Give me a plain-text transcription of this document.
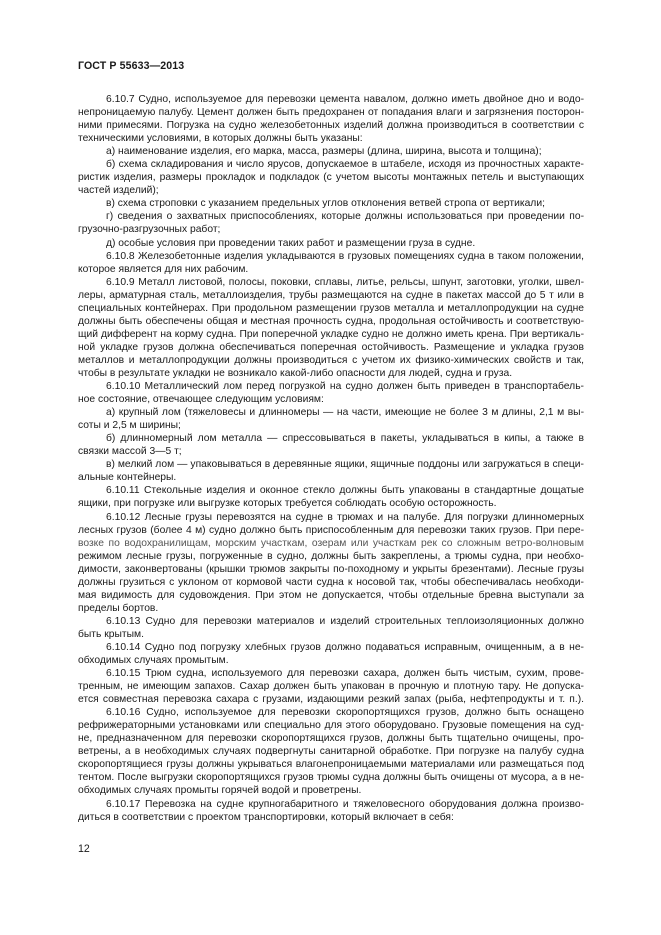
ГОСТ Р 55633—2013
6.10.7 Судно, используемое для перевозки цемента навалом, должно иметь двойное дно и водо-
непроницаемую палубу. Цемент должен быть предохранен от попадания влаги и загрязнения посторон-
ними примесями. Погрузка на судно железобетонных изделий должна производиться в соответствии с
техническими условиями, в которых должны быть указаны:
а) наименование изделия, его марка, масса, размеры (длина, ширина, высота и толщина);
б) схема складирования и число ярусов, допускаемое в штабеле, исходя из прочностных характе-
ристик изделия, размеры прокладок и подкладок (с учетом высоты монтажных петель и выступающих
частей изделий);
в) схема строповки с указанием предельных углов отклонения ветвей стропа от вертикали;
г) сведения о захватных приспособлениях, которые должны использоваться при проведении по-
грузочно-разгрузочных работ;
д) особые условия при проведении таких работ и размещении груза в судне.
6.10.8 Железобетонные изделия укладываются в грузовых помещениях судна в таком положении,
которое является для них рабочим.
6.10.9 Металл листовой, полосы, поковки, сплавы, литье, рельсы, шпунт, заготовки, уголки, швел-
леры, арматурная сталь, металлоизделия, трубы размещаются на судне в пакетах массой до 5 т или в
специальных контейнерах. При продольном размещении грузов металла и металлопродукции на судне
должны быть обеспечены общая и местная прочность судна, продольная остойчивость и соответствую-
щий дифферент на корму судна. При поперечной укладке судно не должно иметь крена. При вертикаль-
ной укладке грузов должна обеспечиваться поперечная остойчивость. Размещение и укладка грузов
металлов и металлопродукции должны производиться с учетом их физико-химических свойств и так,
чтобы в результате укладки не возникало какой-либо опасности для людей, судна и груза.
6.10.10 Металлический лом перед погрузкой на судно должен быть приведен в транспортабель-
ное состояние, отвечающее следующим условиям:
а) крупный лом (тяжеловесы и длинномеры — на части, имеющие не более 3 м длины, 2,1 м вы-
соты и 2,5 м ширины;
б) длинномерный лом металла — спрессовываться в пакеты, укладываться в кипы, а также в
связки массой 3—5 т;
в) мелкий лом — упаковываться в деревянные ящики, ящичные поддоны или загружаться в специ-
альные контейнеры.
6.10.11 Стекольные изделия и оконное стекло должны быть упакованы в стандартные дощатые
ящики, при погрузке или выгрузке которых требуется соблюдать особую осторожность.
6.10.12 Лесные грузы перевозятся на судне в трюмах и на палубе. Для погрузки длинномерных
лесных грузов (более 4 м) судно должно быть приспособленным для перевозки таких грузов. При пере-
возке по водохранилищам, морским участкам, озерам или участкам рек со сложным ветро-волновым
режимом лесные грузы, погруженные в судно, должны быть закреплены, а трюмы судна, при необхо-
димости, законвертованы (крышки трюмов закрыты по-походному и укрыты брезентами). Лесные грузы
должны грузиться с уклоном от кормовой части судна к носовой так, чтобы обеспечивалась необходи-
мая видимость для судовождения. При этом не допускается, чтобы отдельные бревна выступали за
пределы бортов.
6.10.13 Судно для перевозки материалов и изделий строительных теплоизоляционных должно
быть крытым.
6.10.14 Судно под погрузку хлебных грузов должно подаваться исправным, очищенным, а в не-
обходимых случаях промытым.
6.10.15 Трюм судна, используемого для перевозки сахара, должен быть чистым, сухим, прове-
тренным, не имеющим запахов. Сахар должен быть упакован в прочную и плотную тару. Не допуска-
ется совместная перевозка сахара с грузами, издающими резкий запах (рыба, нефтепродукты и т. п.).
6.10.16 Судно, используемое для перевозки скоропортящихся грузов, должно быть оснащено
рефрижераторными установками или специально для этого оборудовано. Грузовые помещения на суд-
не, предназначенном для перевозки скоропортящихся грузов, должны быть тщательно очищены, про-
ветрены, а в необходимых случаях подвергнуты санитарной обработке. При погрузке на палубу судна
скоропортящиеся грузы должны укрываться влагонепроницаемыми материалами или размещаться под
тентом. После выгрузки скоропортящихся грузов трюмы судна должны быть очищены от мусора, а в не-
обходимых случаях промыты горячей водой и проветрены.
6.10.17 Перевозка на судне крупногабаритного и тяжеловесного оборудования должна произво-
диться в соответствии с проектом транспортировки, который включает в себя:
12
